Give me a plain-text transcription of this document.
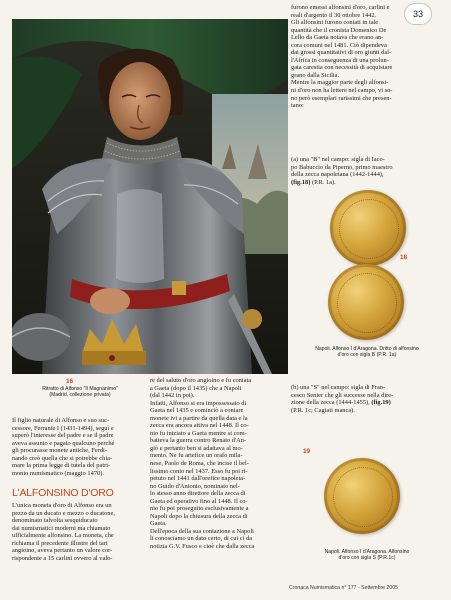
33
16
Ritratto di Alfonso "Il Magnanimo"
(Madrid, collezione privata)

furono emessi alfonsini d'oro, carlini e

reali d'argento il 30 ottobre 1442.

Gli alfonsini furono coniati in tale

quantità che il cronista Domenico De

Lello da Gaeta notava che erano an-

cora comuni nel 1481. Ciò dipendeva

dai grossi quantitativi di oro giunti dal-

l'Africa in conseguenza di una prolun-

gata carestia con necessità di acquistare

grano dalla Sicilia.

Mentre la maggior parte degli alfonsi-

ni d'oro non ha lettere nel campo, vi so-

no però esemplari rarissimi che presen-

tano:

(a) una "B" nel campo: sigla di Iaco-

po Babuccio da Piperno, primo maestro

della zecca napoletana (1442-1444),

(fig.18) (P.R. 1a).

18
Napoli. Alfonso I d'Aragona. Dritto di alfonsino
d'oro con sigla B (P.R. 1a)

(b) una "S" nel campo: sigla di Fran-

cesco Senier che gli successe nella dire-

zione della zecca (1444-1455), (fig.19)

(P.R. 1c; Cagiati manca).

19
Napoli. Alfonso I d'Aragona. Alfonsino
d'oro con sigla S (P.R.1c)

Il figlio naturale di Alfonso e suo suc-

cessore, Ferrante I (1431-1494), seguì e

superò l'interesse del padre e se il padre

aveva assunto e pagato qualcuno perché

gli procurasse monete antiche, Ferdi-

nando creò quella che si potrebbe chia-

mare la prima legge di tutela del patri-

monio numismatico (maggio 1470).

L'ALFONSINO D'ORO

L'unica moneta d'oro di Alfonso era un

pezzo da un ducato e mezzo o ducatone,

denominato talvolta sesquiducato

dai numismatici moderni ma chiamato

ufficialmente alfonsino. La moneta, che

richiama il precedente illustre del tari

angioino, aveva pertanto un valore cor-

rispondente a 15 carlini ovvero al valo-

re del saluto d'oro angioino e fu coniata

a Gaeta (dopo il 1435) che a Napoli

(dal 1442 in poi).

Infatti, Alfonso si era impossessato di

Gaeta nel 1435 e cominciò a coniare

monete ivi a partire da quella data e la

zecca era ancora attiva nel 1448. Il co-

nio fu iniziato a Gaeta mentre si com-

batteva la guerra contro Renato d'An-

giò e pertanto ben si adattava al mo-

mento. Ne fu artefice un orafo mila-

nese, Paolo de Roma, che incise il bel-

lissimo conio nel 1437. Esso fu poi ri-

petuto nel 1441 dall'orefice napoleta-

no Guido d'Antonio, nominato nel-

lo stesso anno direttore della zecca di

Gaeta ed operativo fino al 1448. Il co-

nio fu poi proseguito esclusivamente a

Napoli dopo la chiusura della zecca di

Gaeta.

Dell'epoca della sua coniazione a Napoli

li conosciamo un dato certo, di cui ci da

notizia G.V. Fusco e cioè che dalla zecca

Cronaca Numismatica n° 177 - Settembre 2005
